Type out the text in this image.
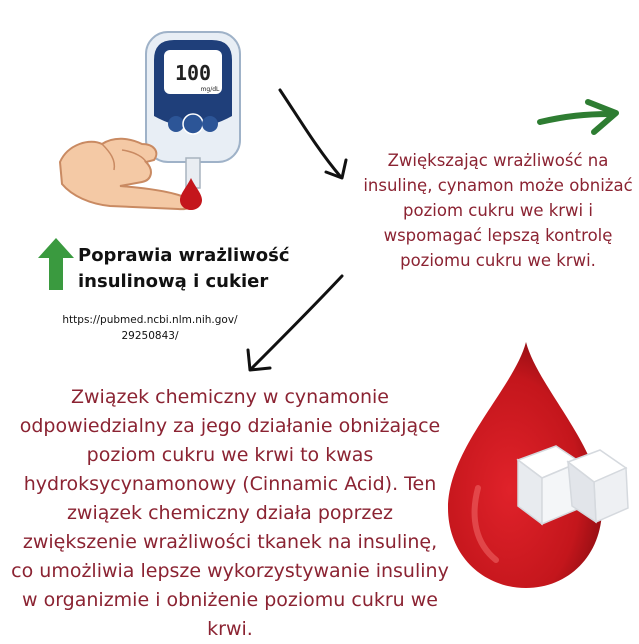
100
mg/dL
Poprawia wrażliwość
insulinową i cukier
https://pubmed.ncbi.nlm.nih.gov/
29250843/
Zwiększając wrażliwość na insulinę, cynamon może obniżać poziom cukru we krwi i wspomagać lepszą kontrolę poziomu cukru we krwi.
Związek chemiczny w cynamonie odpowiedzialny za jego działanie obniżające poziom cukru we krwi to kwas hydroksycynamonowy (Cinnamic Acid). Ten związek chemiczny działa poprzez zwiększenie wrażliwości tkanek na insulinę, co umożliwia lepsze wykorzystywanie insuliny w organizmie i obniżenie poziomu cukru we krwi.
